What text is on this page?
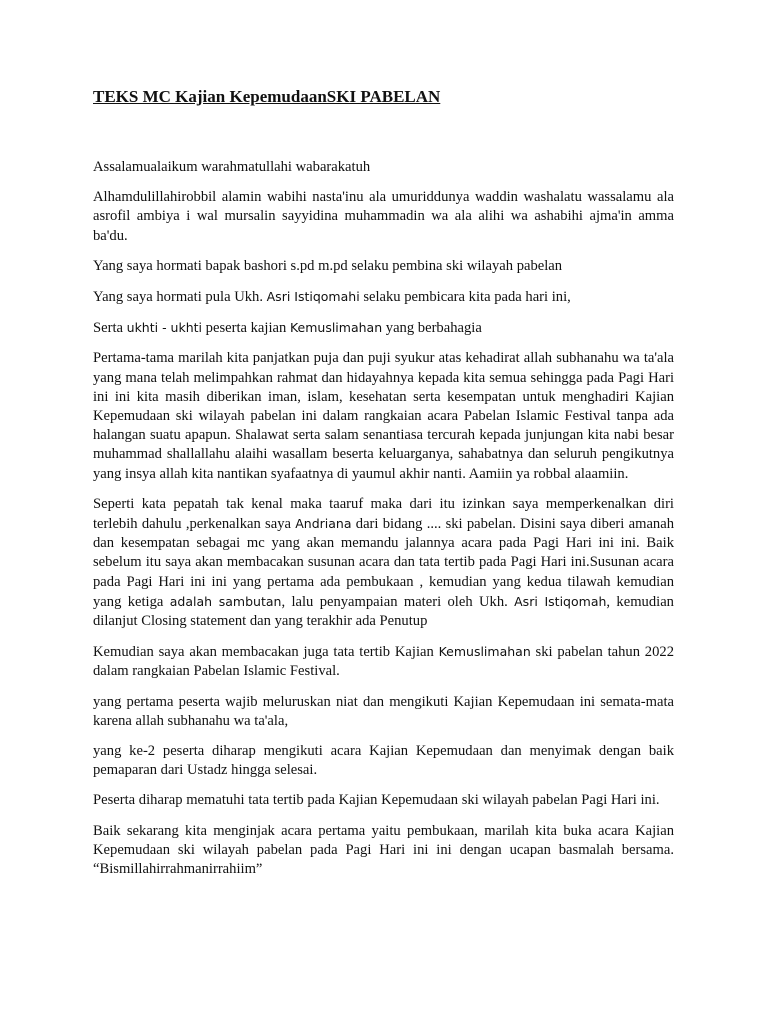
TEKS MC Kajian KepemudaanSKI PABELAN

Assalamualaikum warahmatullahi wabarakatuh

Alhamdulillahirobbil alamin wabihi nasta'inu ala umuriddunya waddin washalatu wassalamu ala asrofil ambiya i wal mursalin sayyidina muhammadin wa ala alihi wa ashabihi ajma'in amma ba'du.

Yang saya hormati bapak bashori s.pd m.pd selaku pembina ski wilayah pabelan

Yang saya hormati pula Ukh. Asri Istiqomahi selaku pembicara kita pada hari ini,

Serta ukhti - ukhti peserta kajian Kemuslimahan yang berbahagia

Pertama-tama marilah kita panjatkan puja dan puji syukur atas kehadirat allah subhanahu wa ta'ala yang mana telah melimpahkan rahmat dan hidayahnya kepada kita semua sehingga pada Pagi Hari ini ini kita masih diberikan iman, islam, kesehatan serta kesempatan untuk menghadiri Kajian Kepemudaan ski wilayah pabelan ini dalam rangkaian acara Pabelan Islamic Festival tanpa ada halangan suatu apapun. Shalawat serta salam senantiasa tercurah kepada junjungan kita nabi besar muhammad shallallahu alaihi wasallam beserta keluarganya, sahabatnya dan seluruh pengikutnya yang insya allah kita nantikan syafaatnya di yaumul akhir nanti. Aamiin ya robbal alaamiin.

Seperti kata pepatah tak kenal maka taaruf maka dari itu izinkan saya memperkenalkan diri terlebih dahulu ,perkenalkan saya Andriana dari bidang .... ski pabelan. Disini saya diberi amanah dan kesempatan sebagai mc yang akan memandu jalannya acara pada Pagi Hari ini ini. Baik sebelum itu saya akan membacakan susunan acara dan tata tertib pada Pagi Hari ini.Susunan acara pada Pagi Hari ini ini yang pertama ada pembukaan , kemudian yang kedua tilawah kemudian yang ketiga adalah sambutan, lalu penyampaian materi oleh Ukh. Asri Istiqomah, kemudian dilanjut Closing statement dan yang terakhir ada Penutup

Kemudian saya akan membacakan juga tata tertib Kajian Kemuslimahan ski pabelan tahun 2022 dalam rangkaian Pabelan Islamic Festival.

yang pertama peserta wajib meluruskan niat dan mengikuti Kajian Kepemudaan ini semata-mata karena allah subhanahu wa ta'ala,

yang ke-2 peserta diharap mengikuti acara Kajian Kepemudaan dan menyimak dengan baik pemaparan dari Ustadz hingga selesai.

Peserta diharap mematuhi tata tertib pada Kajian Kepemudaan ski wilayah pabelan Pagi Hari ini.

Baik sekarang kita menginjak acara pertama yaitu pembukaan, marilah kita buka acara Kajian Kepemudaan ski wilayah pabelan pada Pagi Hari ini ini dengan ucapan basmalah bersama. “Bismillahirrahmanirrahiim”
